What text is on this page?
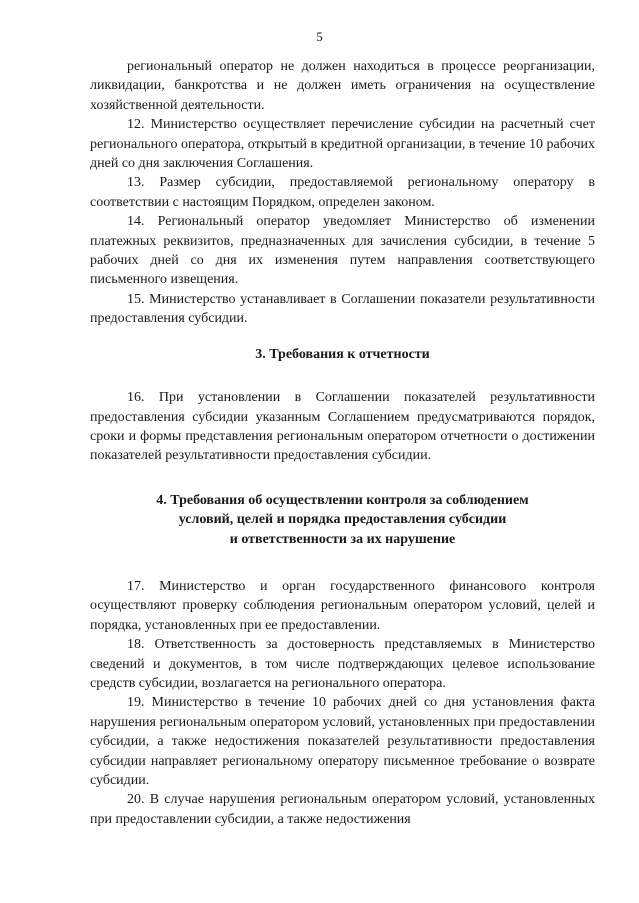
5

региональный оператор не должен находиться в процессе реорганизации, ликвидации, банкротства и не должен иметь ограничения на осуществление хозяйственной деятельности.

12. Министерство осуществляет перечисление субсидии на расчетный счет регионального оператора, открытый в кредитной организации, в течение 10 рабочих дней со дня заключения Соглашения.

13. Размер субсидии, предоставляемой региональному оператору в соответствии с настоящим Порядком, определен законом.

14. Региональный оператор уведомляет Министерство об изменении платежных реквизитов, предназначенных для зачисления субсидии, в течение 5 рабочих дней со дня их изменения путем направления соответствующего письменного извещения.

15. Министерство устанавливает в Соглашении показатели результативности предоставления субсидии.

3. Требования к отчетности

16. При установлении в Соглашении показателей результативности предоставления субсидии указанным Соглашением предусматриваются порядок, сроки и формы представления региональным оператором отчетности о достижении показателей результативности предоставления субсидии.

4. Требования об осуществлении контроля за соблюдением
условий, целей и порядка предоставления субсидии
и ответственности за их нарушение

17. Министерство и орган государственного финансового контроля осуществляют проверку соблюдения региональным оператором условий, целей и порядка, установленных при ее предоставлении.

18. Ответственность за достоверность представляемых в Министерство сведений и документов, в том числе подтверждающих целевое использование средств субсидии, возлагается на регионального оператора.

19. Министерство в течение 10 рабочих дней со дня установления факта нарушения региональным оператором условий, установленных при предоставлении субсидии, а также недостижения показателей результативности предоставления субсидии направляет региональному оператору письменное требование о возврате субсидии.

20. В случае нарушения региональным оператором условий, установленных при предоставлении субсидии, а также недостижения
